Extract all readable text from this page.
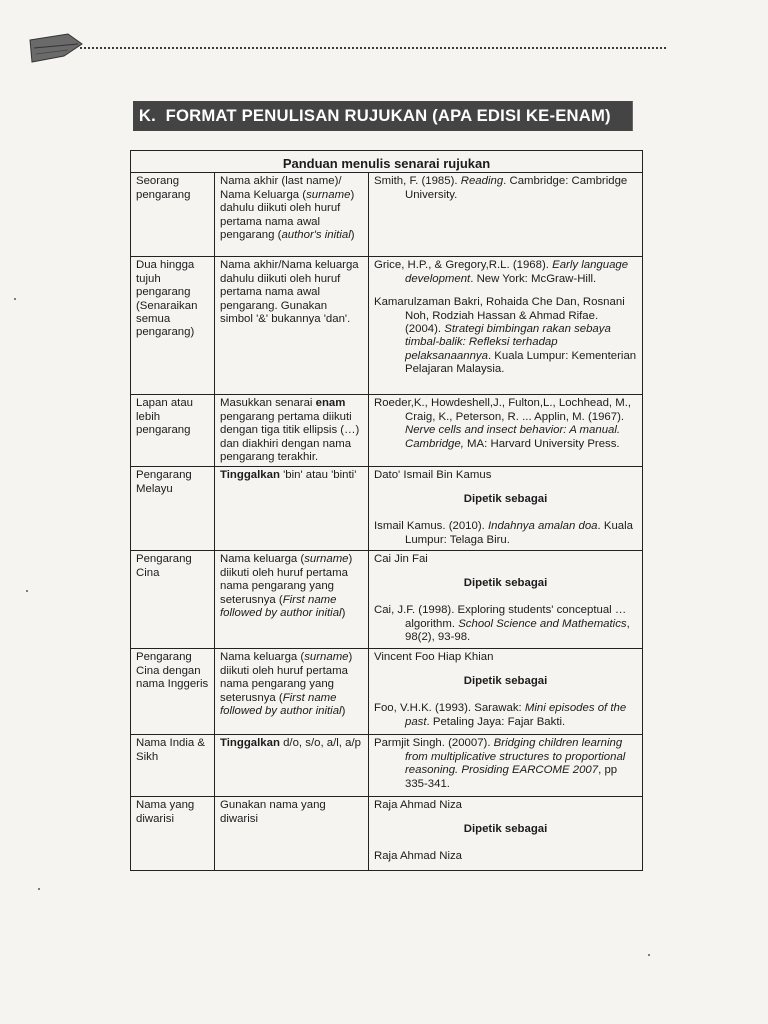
K. FORMAT PENULISAN RUJUKAN (APA EDISI KE-ENAM)
Panduan menulis senarai rujukan		
Seorang pengarang	Nama akhir (last name)/ Nama Keluarga (surname) dahulu diikuti oleh huruf pertama nama awal pengarang (author's initial)	Smith, F. (1985). Reading. Cambridge: Cambridge University.

Dua hingga tujuh pengarang (Senaraikan semua pengarang)	Nama akhir/Nama keluarga dahulu diikuti oleh huruf pertama nama awal pengarang. Gunakan simbol '&' bukannya 'dan'.	Grice, H.P., & Gregory,R.L. (1968). Early language development. New York: McGraw-Hill.

Kamarulzaman Bakri, Rohaida Che Dan, Rosnani Noh, Rodziah Hassan & Ahmad Rifae. (2004). Strategi bimbingan rakan sebaya timbal-balik: Refleksi terhadap pelaksanaannya. Kuala Lumpur: Kementerian Pelajaran Malaysia.

Lapan atau lebih pengarang	Masukkan senarai enam pengarang pertama diikuti dengan tiga titik ellipsis (…) dan diakhiri dengan nama pengarang terakhir.	Roeder,K., Howdeshell,J., Fulton,L., Lochhead, M., Craig, K., Peterson, R. ... Applin, M. (1967). Nerve cells and insect behavior: A manual. Cambridge, MA: Harvard University Press.

Pengarang Melayu	Tinggalkan 'bin' atau 'binti'	Dato' Ismail Bin Kamus

Dipetik sebagai

Ismail Kamus. (2010). Indahnya amalan doa. Kuala Lumpur: Telaga Biru.

Pengarang Cina	Nama keluarga (surname) diikuti oleh huruf pertama nama pengarang yang seterusnya (First name followed by author initial)	Cai Jin Fai

Dipetik sebagai

Cai, J.F. (1998). Exploring students' conceptual … algorithm. School Science and Mathematics, 98(2), 93-98.

Pengarang Cina dengan nama Inggeris	Nama keluarga (surname) diikuti oleh huruf pertama nama pengarang yang seterusnya (First name followed by author initial)	Vincent Foo Hiap Khian

Dipetik sebagai

Foo, V.H.K. (1993). Sarawak: Mini episodes of the past. Petaling Jaya: Fajar Bakti.

Nama India & Sikh	Tinggalkan d/o, s/o, a/l, a/p	Parmjit Singh. (20007). Bridging children learning from multiplicative structures to proportional reasoning. Prosiding EARCOME 2007, pp 335-341.

Nama yang diwarisi	Gunakan nama yang diwarisi	Raja Ahmad Niza

Dipetik sebagai

Raja Ahmad Niza
